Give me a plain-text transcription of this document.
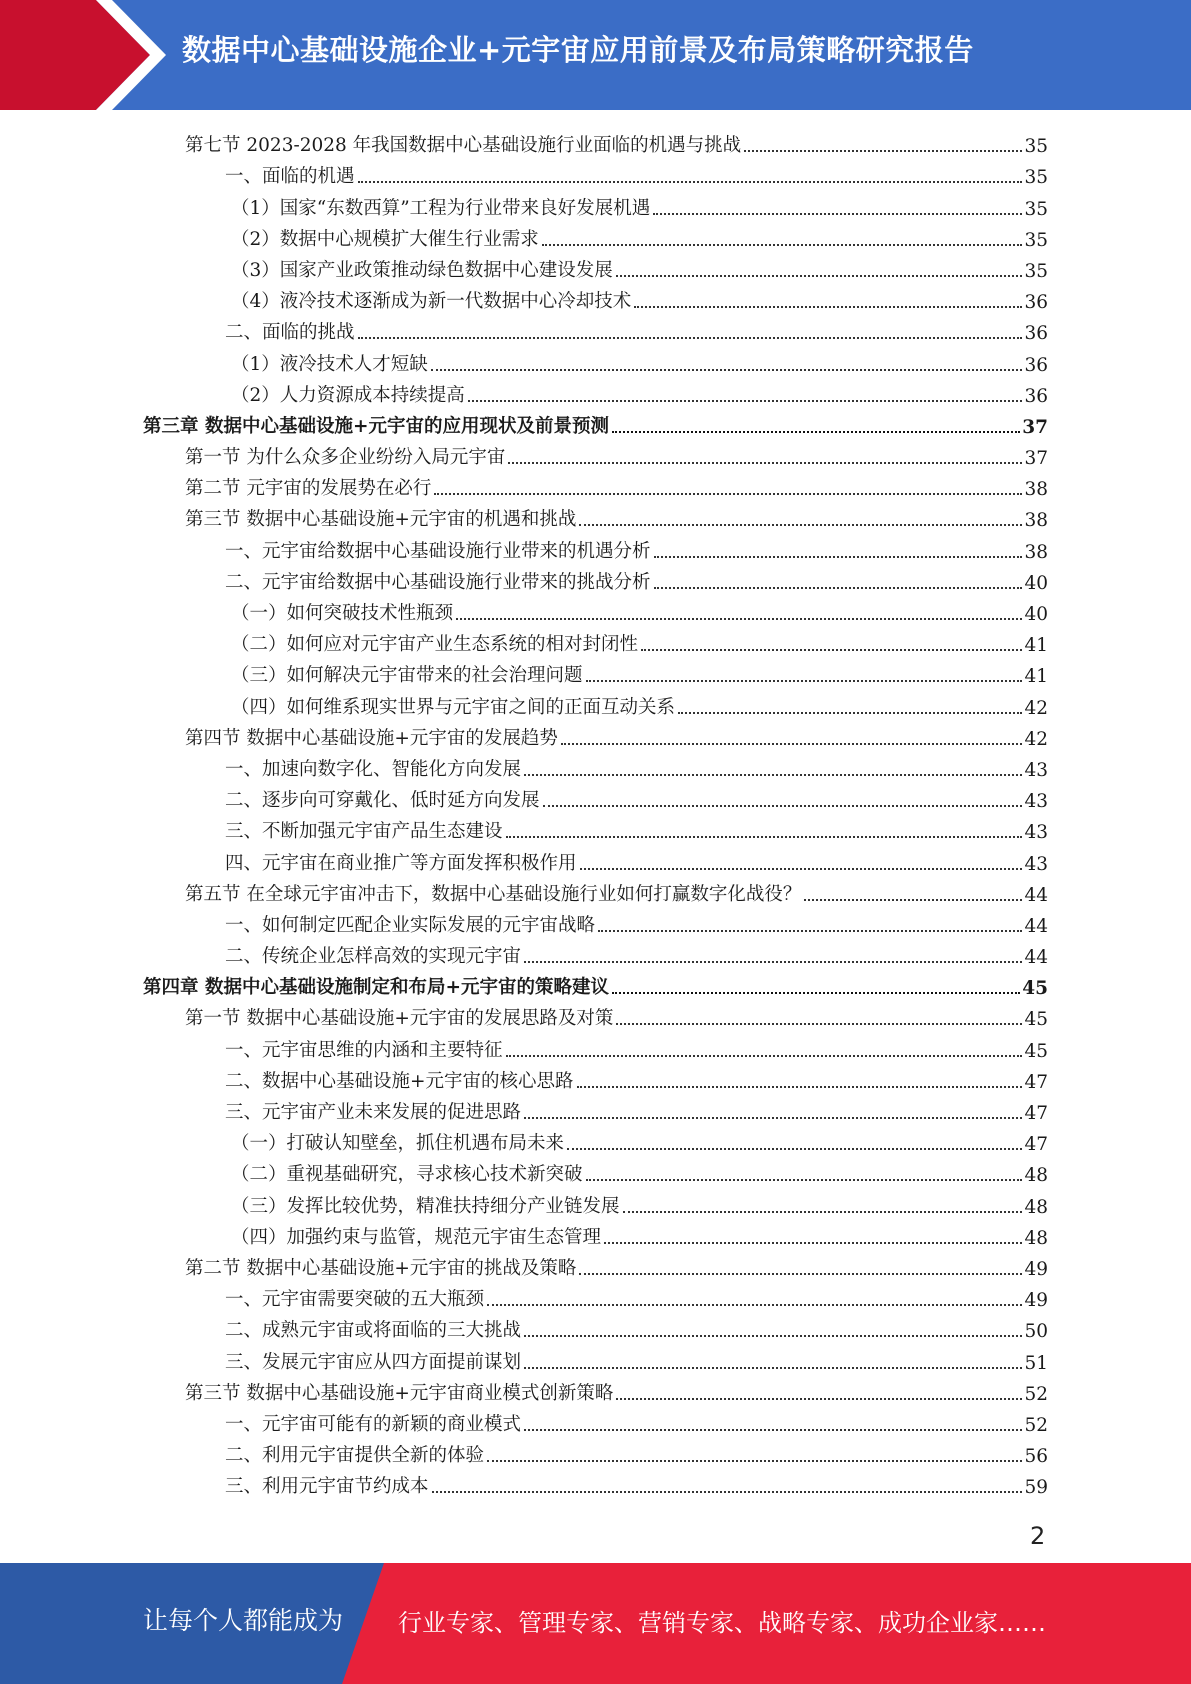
数据中心基础设施企业+元宇宙应用前景及布局策略研究报告
第七节 2023-2028 年我国数据中心基础设施行业面临的机遇与挑战	35
一、面临的机遇	35
（1）国家“东数西算”工程为行业带来良好发展机遇	35
（2）数据中心规模扩大催生行业需求	35
（3）国家产业政策推动绿色数据中心建设发展	35
（4）液冷技术逐渐成为新一代数据中心冷却技术	36
二、面临的挑战	36
（1）液冷技术人才短缺	36
（2）人力资源成本持续提高	36
第三章 数据中心基础设施+元宇宙的应用现状及前景预测	37
第一节 为什么众多企业纷纷入局元宇宙	37
第二节 元宇宙的发展势在必行	38
第三节 数据中心基础设施+元宇宙的机遇和挑战	38
一、元宇宙给数据中心基础设施行业带来的机遇分析	38
二、元宇宙给数据中心基础设施行业带来的挑战分析	40
（一）如何突破技术性瓶颈	40
（二）如何应对元宇宙产业生态系统的相对封闭性	41
（三）如何解决元宇宙带来的社会治理问题	41
（四）如何维系现实世界与元宇宙之间的正面互动关系	42
第四节 数据中心基础设施+元宇宙的发展趋势	42
一、加速向数字化、智能化方向发展	43
二、逐步向可穿戴化、低时延方向发展	43
三、不断加强元宇宙产品生态建设	43
四、元宇宙在商业推广等方面发挥积极作用	43
第五节 在全球元宇宙冲击下，数据中心基础设施行业如何打赢数字化战役？	44
一、如何制定匹配企业实际发展的元宇宙战略	44
二、传统企业怎样高效的实现元宇宙	44
第四章 数据中心基础设施制定和布局+元宇宙的策略建议	45
第一节 数据中心基础设施+元宇宙的发展思路及对策	45
一、元宇宙思维的内涵和主要特征	45
二、数据中心基础设施+元宇宙的核心思路	47
三、元宇宙产业未来发展的促进思路	47
（一）打破认知壁垒，抓住机遇布局未来	47
（二）重视基础研究，寻求核心技术新突破	48
（三）发挥比较优势，精准扶持细分产业链发展	48
（四）加强约束与监管，规范元宇宙生态管理	48
第二节 数据中心基础设施+元宇宙的挑战及策略	49
一、元宇宙需要突破的五大瓶颈	49
二、成熟元宇宙或将面临的三大挑战	50
三、发展元宇宙应从四方面提前谋划	51
第三节 数据中心基础设施+元宇宙商业模式创新策略	52
一、元宇宙可能有的新颖的商业模式	52
二、利用元宇宙提供全新的体验	56
三、利用元宇宙节约成本	59
2
让每个人都能成为 行业专家、管理专家、营销专家、战略专家、成功企业家……
